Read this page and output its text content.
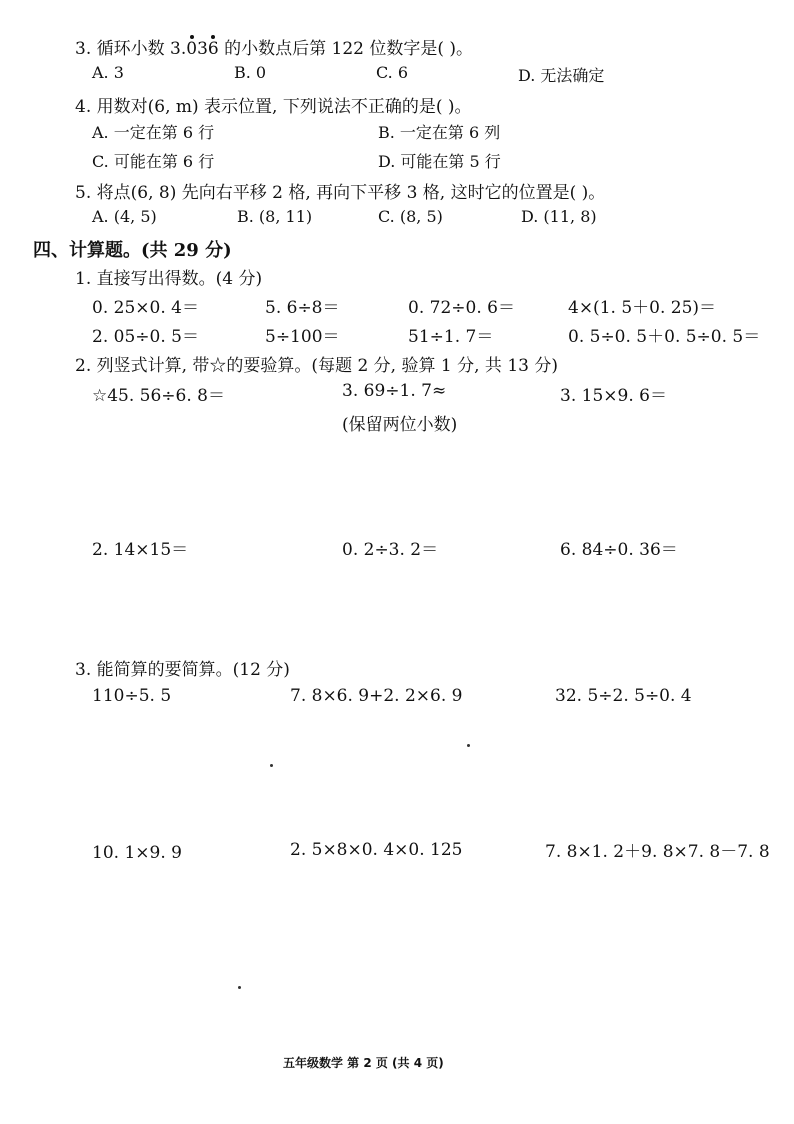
3. 循环小数 3.036 的小数点后第 122 位数字是( )。
A. 3	B. 0	C. 6	D. 无法确定
4. 用数对(6, m) 表示位置, 下列说法不正确的是( )。
A. 一定在第 6 行	B. 一定在第 6 列
C. 可能在第 6 行	D. 可能在第 5 行
5. 将点(6, 8) 先向右平移 2 格, 再向下平移 3 格, 这时它的位置是( )。
A. (4, 5)	B. (8, 11)	C. (8, 5)	D. (11, 8)
四、计算题。(共 29 分)
1. 直接写出得数。(4 分)
0. 25×0. 4＝	5. 6÷8＝	0. 72÷0. 6＝	4×(1. 5＋0. 25)＝
2. 05÷0. 5＝	5÷100＝	51÷1. 7＝	0. 5÷0. 5＋0. 5÷0. 5＝
2. 列竖式计算, 带☆的要验算。(每题 2 分, 验算 1 分, 共 13 分)
☆45. 56÷6. 8＝	3. 69÷1. 7≈	3. 15×9. 6＝
(保留两位小数)
2. 14×15＝	0. 2÷3. 2＝	6. 84÷0. 36＝
3. 能简算的要简算。(12 分)
110÷5. 5	7. 8×6. 9+2. 2×6. 9	32. 5÷2. 5÷0. 4
10. 1×9. 9	2. 5×8×0. 4×0. 125	7. 8×1. 2＋9. 8×7. 8－7. 8
五年级数学 第 2 页 (共 4 页)
